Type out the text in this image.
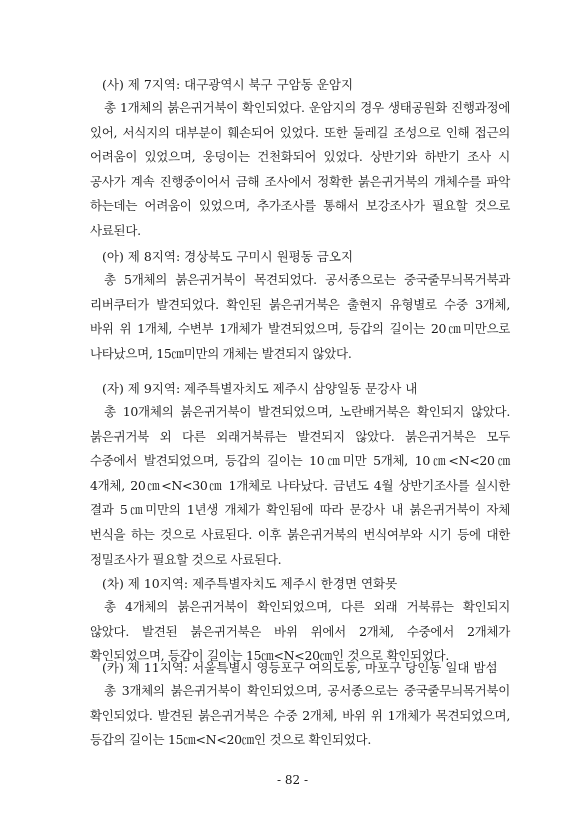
(사) 제 7지역: 대구광역시 북구 구암동 운암지

총 1개체의 붉은귀거북이 확인되었다. 운암지의 경우 생태공원화 진행과정에 있어, 서식지의 대부분이 훼손되어 있었다. 또한 둘레길 조성으로 인해 접근의 어려움이 있었으며, 웅덩이는 건천화되어 있었다. 상반기와 하반기 조사 시 공사가 계속 진행중이어서 금해 조사에서 정확한 붉은귀거북의 개체수를 파악 하는데는 어려움이 있었으며, 추가조사를 통해서 보강조사가 필요할 것으로 사료된다.

(아) 제 8지역: 경상북도 구미시 원평동 금오지

총 5개체의 붉은귀거북이 목견되었다. 공서종으로는 중국줄무늬목거북과 리버쿠터가 발견되었다. 확인된 붉은귀거북은 출현지 유형별로 수중 3개체, 바위 위 1개체, 수변부 1개체가 발견되었으며, 등갑의 길이는 20㎝미만으로 나타났으며, 15㎝미만의 개체는 발견되지 않았다.

(자) 제 9지역: 제주특별자치도 제주시 삼양일동 문강사 내

총 10개체의 붉은귀거북이 발견되었으며, 노란배거북은 확인되지 않았다. 붉은귀거북 외 다른 외래거북류는 발견되지 않았다. 붉은귀거북은 모두 수중에서 발견되었으며, 등갑의 길이는 10㎝미만 5개체, 10㎝<N<20㎝ 4개체, 20㎝<N<30㎝ 1개체로 나타났다. 금년도 4월 상반기조사를 실시한 결과 5㎝미만의 1년생 개체가 확인됨에 따라 문강사 내 붉은귀거북이 자체 번식을 하는 것으로 사료된다. 이후 붉은귀거북의 번식여부와 시기 등에 대한 정밀조사가 필요할 것으로 사료된다.

(차) 제 10지역: 제주특별자치도 제주시 한경면 연화못

총 4개체의 붉은귀거북이 확인되었으며, 다른 외래 거북류는 확인되지 않았다. 발견된 붉은귀거북은 바위 위에서 2개체, 수중에서 2개체가 확인되었으며, 등갑이 길이는 15㎝<N<20㎝인 것으로 확인되었다.

(카) 제 11지역: 서울특별시 영등포구 여의도동, 마포구 당인동 일대 밤섬

총 3개체의 붉은귀거북이 확인되었으며, 공서종으로는 중국줄무늬목거북이 확인되었다. 발견된 붉은귀거북은 수중 2개체, 바위 위 1개체가 목견되었으며, 등갑의 길이는 15㎝<N<20㎝인 것으로 확인되었다.

- 82 -
